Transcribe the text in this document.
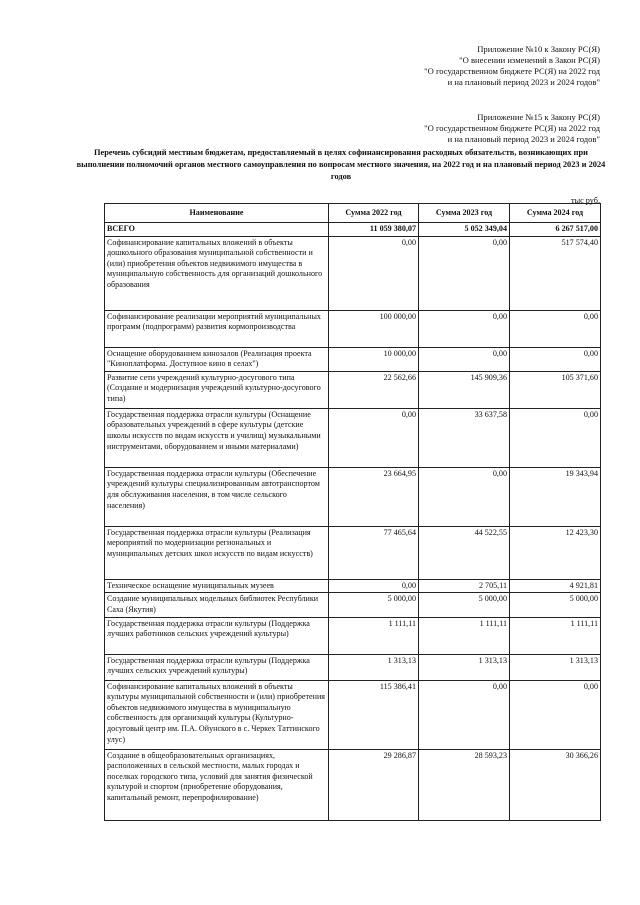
Приложение №10 к Закону РС(Я)
"О внесении изменений в Закон РС(Я)
"О государственном бюджете РС(Я) на 2022 год
и на плановый период 2023 и 2024 годов"
Приложение №15 к Закону РС(Я)
"О государственном бюджете РС(Я) на 2022 год
и на плановый период 2023 и 2024 годов"
Перечень субсидий местным бюджетам, предоставляемый в целях софинансирования расходных обязательств, возникающих при выполнении полномочий органов местного самоуправления по вопросам местного значения, на 2022 год и на плановый период 2023 и 2024 годов
тыс руб.
Наименование	Сумма 2022 год	Сумма 2023 год	Сумма 2024 год
ВСЕГО	11 059 380,07	5 052 349,04	6 267 517,00
Софинансирование капитальных вложений в объекты дошкольного образования муниципальной собственности и (или) приобретения объектов недвижимого имущества в муниципальную собственность для организаций дошкольного образования	0,00	0,00	517 574,40
Софинансирование реализации мероприятий муниципальных программ (подпрограмм) развития кормопроизводства	100 000,00	0,00	0,00
Оснащение оборудованием кинозалов (Реализация проекта "Киноплатформа. Доступное кино в селах")	10 000,00	0,00	0,00
Развитие сети учреждений культурно-досугового типа (Создание и модернизация учреждений культурно-досугового типа)	22 562,66	145 909,36	105 371,60
Государственная поддержка отрасли культуры (Оснащение образовательных учреждений в сфере культуры (детские школы искусств по видам искусств и училищ) музыкальными инструментами, оборудованием и иными материалами)	0,00	33 637,58	0,00
Государственная поддержка отрасли культуры (Обеспечение учреждений культуры специализированным автотранспортом для обслуживания населения, в том числе сельского населения)	23 664,95	0,00	19 343,94
Государственная поддержка отрасли культуры (Реализация мероприятий по модернизации региональных и муниципальных детских школ искусств по видам искусств)	77 465,64	44 522,55	12 423,30
Техническое оснащение муниципальных музеев	0,00	2 705,11	4 921,81
Создание муниципальных модельных библиотек Республики Саха (Якутия)	5 000,00	5 000,00	5 000,00
Государственная поддержка отрасли культуры (Поддержка лучших работников сельских учреждений культуры)	1 111,11	1 111,11	1 111,11
Государственная поддержка отрасли культуры (Поддержка лучших сельских учреждений культуры)	1 313,13	1 313,13	1 313,13
Софинансирование капитальных вложений в объекты культуры муниципальной собственности и (или) приобретения объектов недвижимого имущества в муниципальную собственность для организаций культуры (Культурно-досуговый центр им. П.А. Ойунского в с. Черкех Таттинского улус)	115 386,41	0,00	0,00
Создание в общеобразовательных организациях, расположенных в сельской местности, малых городах и поселках городского типа, условий для занятия физической культурой и спортом (приобретение оборудования, капитальный ремонт, перепрофилирование)	29 286,87	28 593,23	30 366,26
